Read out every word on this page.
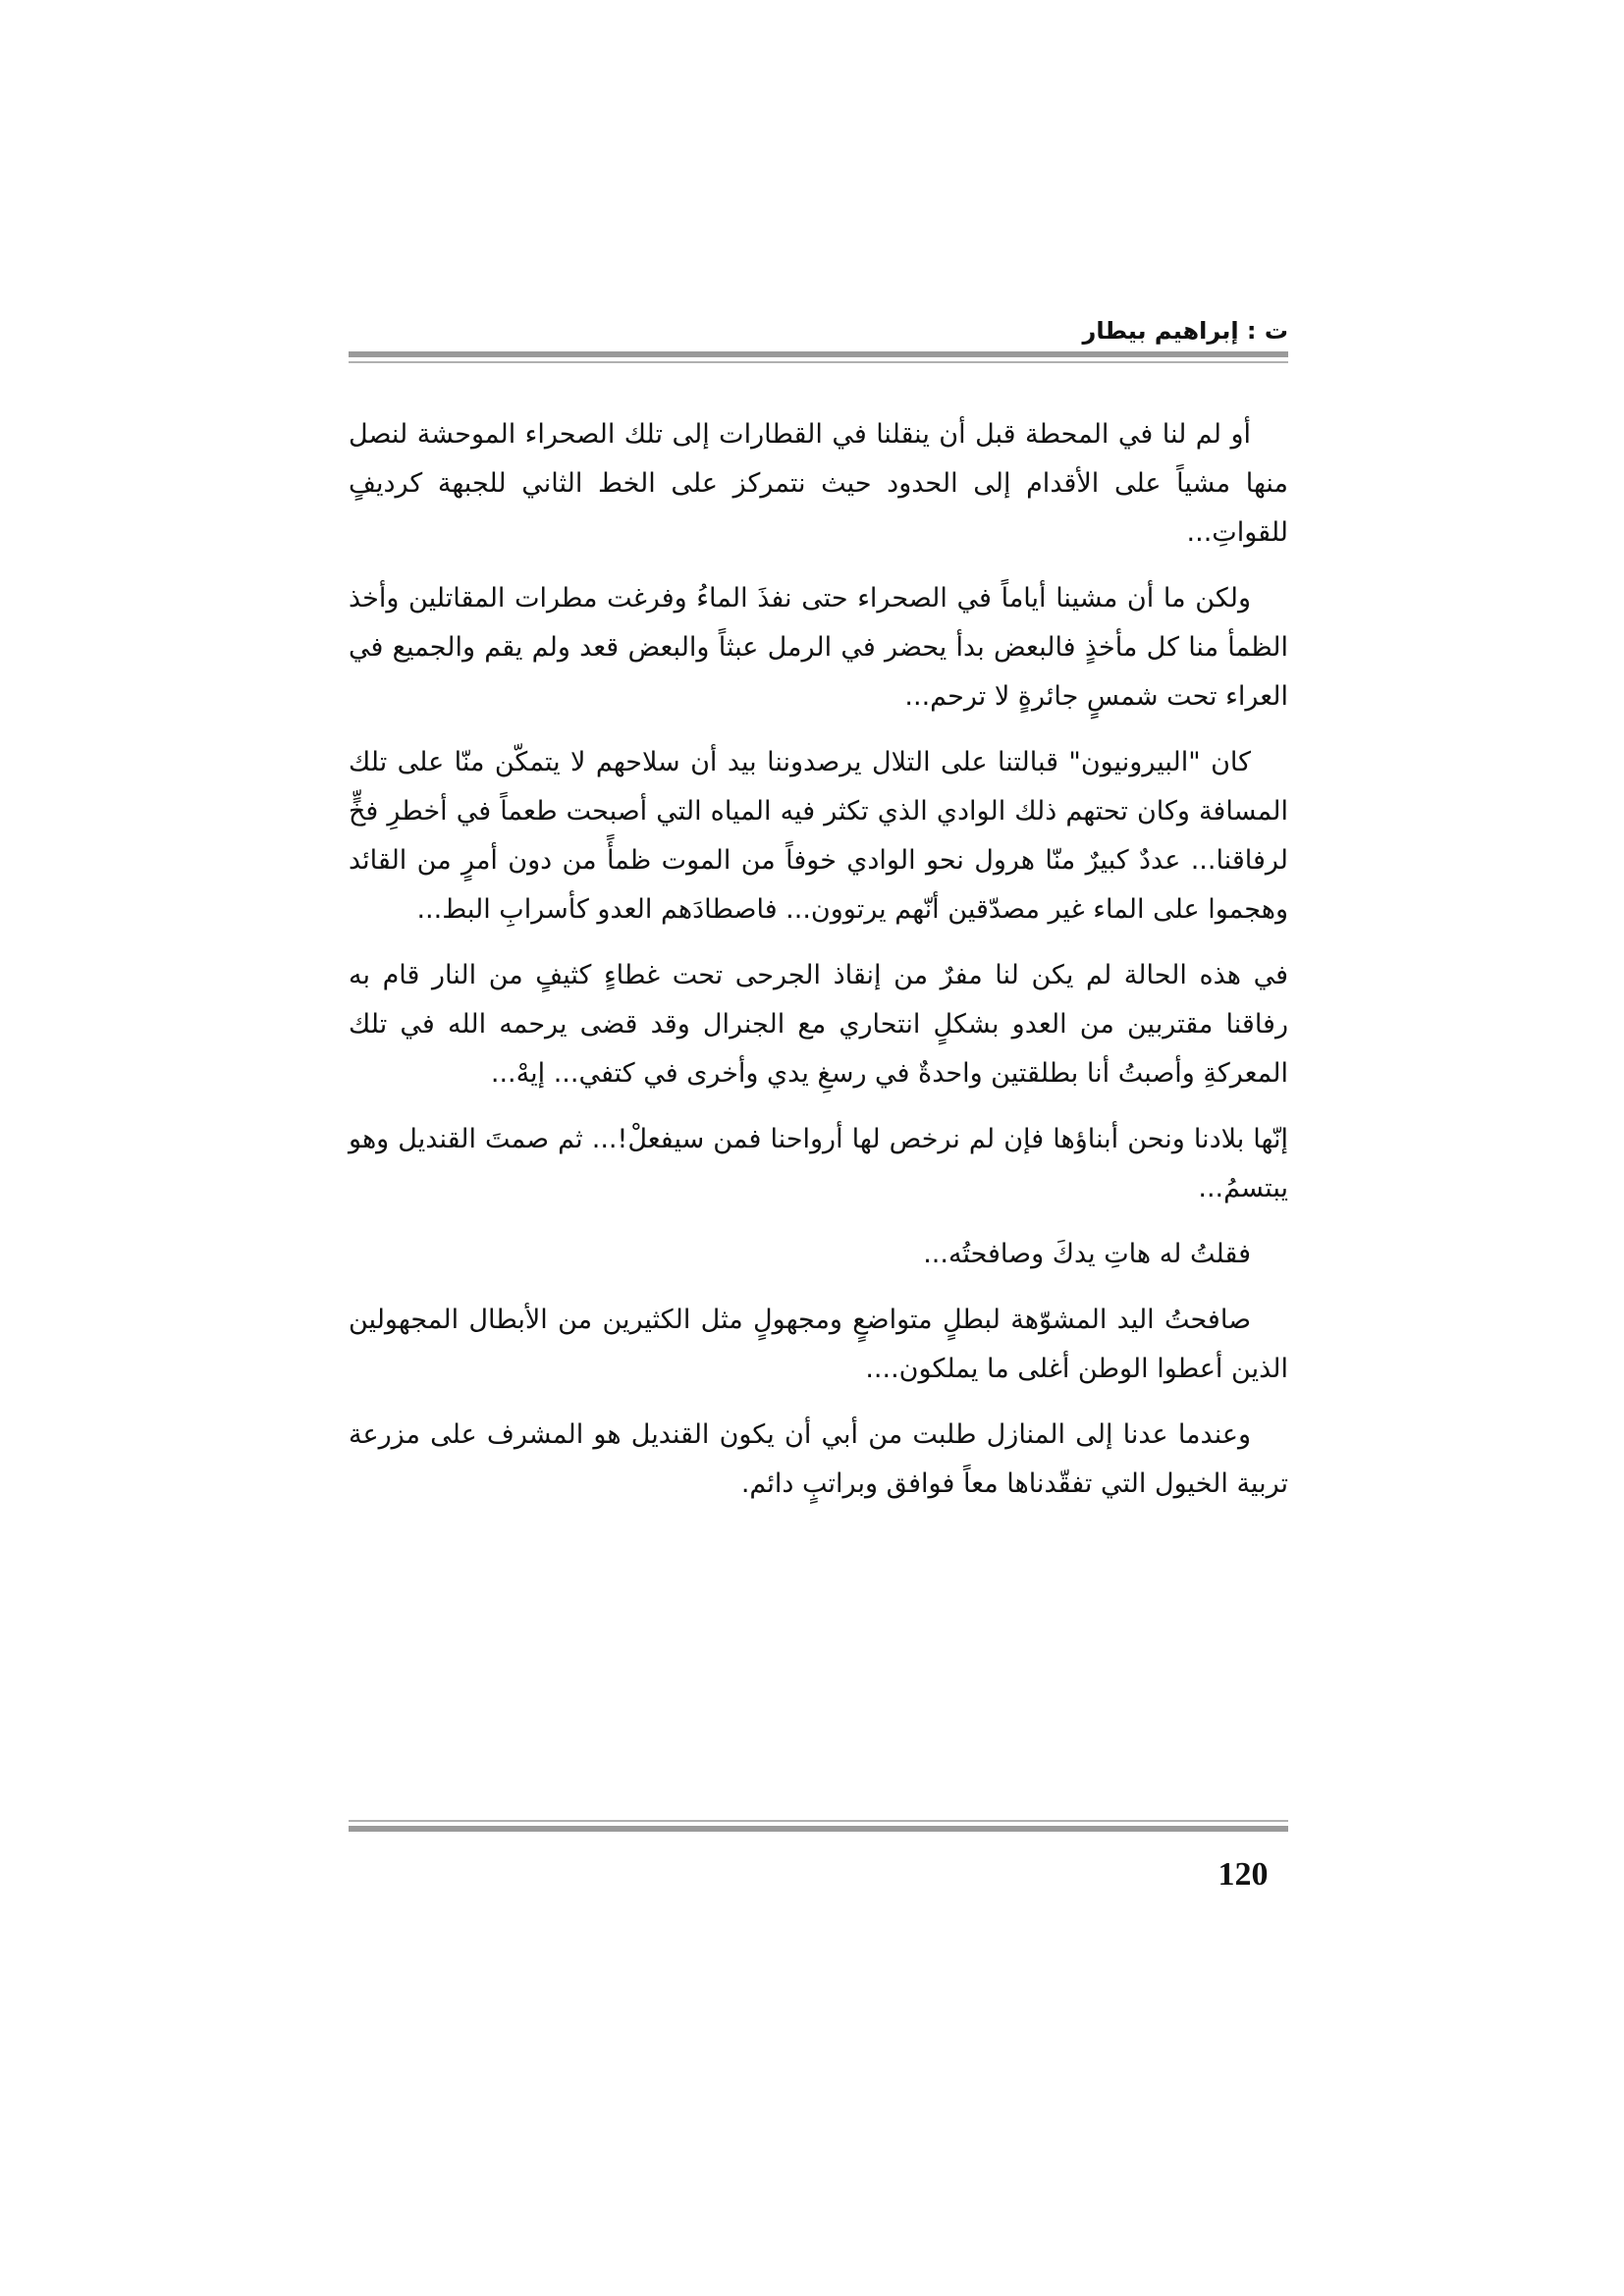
ت : إبراهيم بيطار

أو لم لنا في المحطة قبل أن ينقلنا في القطارات إلى تلك الصحراء الموحشة لنصل منها مشياً على الأقدام إلى الحدود حيث نتمركز على الخط الثاني للجبهة كرديفٍ للقواتِ...

ولكن ما أن مشينا أياماً في الصحراء حتى نفذَ الماءُ وفرغت مطرات المقاتلين وأخذ الظمأ منا كل مأخذٍ فالبعض بدأ يحضر في الرمل عبثاً والبعض قعد ولم يقم والجميع في العراء تحت شمسٍ جائرةٍ لا ترحم...

كان "البيرونيون" قبالتنا على التلال يرصدوننا بيد أن سلاحهم لا يتمكّن منّا على تلك المسافة وكان تحتهم ذلك الوادي الذي تكثر فيه المياه التي أصبحت طعماً في أخطرِ فخٍّ لرفاقنا... عددٌ كبيرٌ منّا هرول نحو الوادي خوفاً من الموت ظمأً من دون أمرٍ من القائد وهجموا على الماء غير مصدّقين أنّهم يرتوون... فاصطادَهم العدو كأسرابِ البط...

في هذه الحالة لم يكن لنا مفرٌ من إنقاذ الجرحى تحت غطاءٍ كثيفٍ من النار قام به رفاقنا مقتربين من العدو بشكلٍ انتحاري مع الجنرال وقد قضى يرحمه الله في تلك المعركةِ وأصبتُ أنا بطلقتين واحدةٌ في رسغِ يدي وأخرى في كتفي... إيهْ...

إنّها بلادنا ونحن أبناؤها فإن لم نرخص لها أرواحنا فمن سيفعلْ!... ثم صمتَ القنديل وهو يبتسمُ...

فقلتُ له هاتِ يدكَ وصافحتُه...

صافحتُ اليد المشوّهة لبطلٍ متواضعٍ ومجهولٍ مثل الكثيرين من الأبطال المجهولين الذين أعطوا الوطن أغلى ما يملكون....

وعندما عدنا إلى المنازل طلبت من أبي أن يكون القنديل هو المشرف على مزرعة تربية الخيول التي تفقّدناها معاً فوافق وبراتبٍ دائم.

120
